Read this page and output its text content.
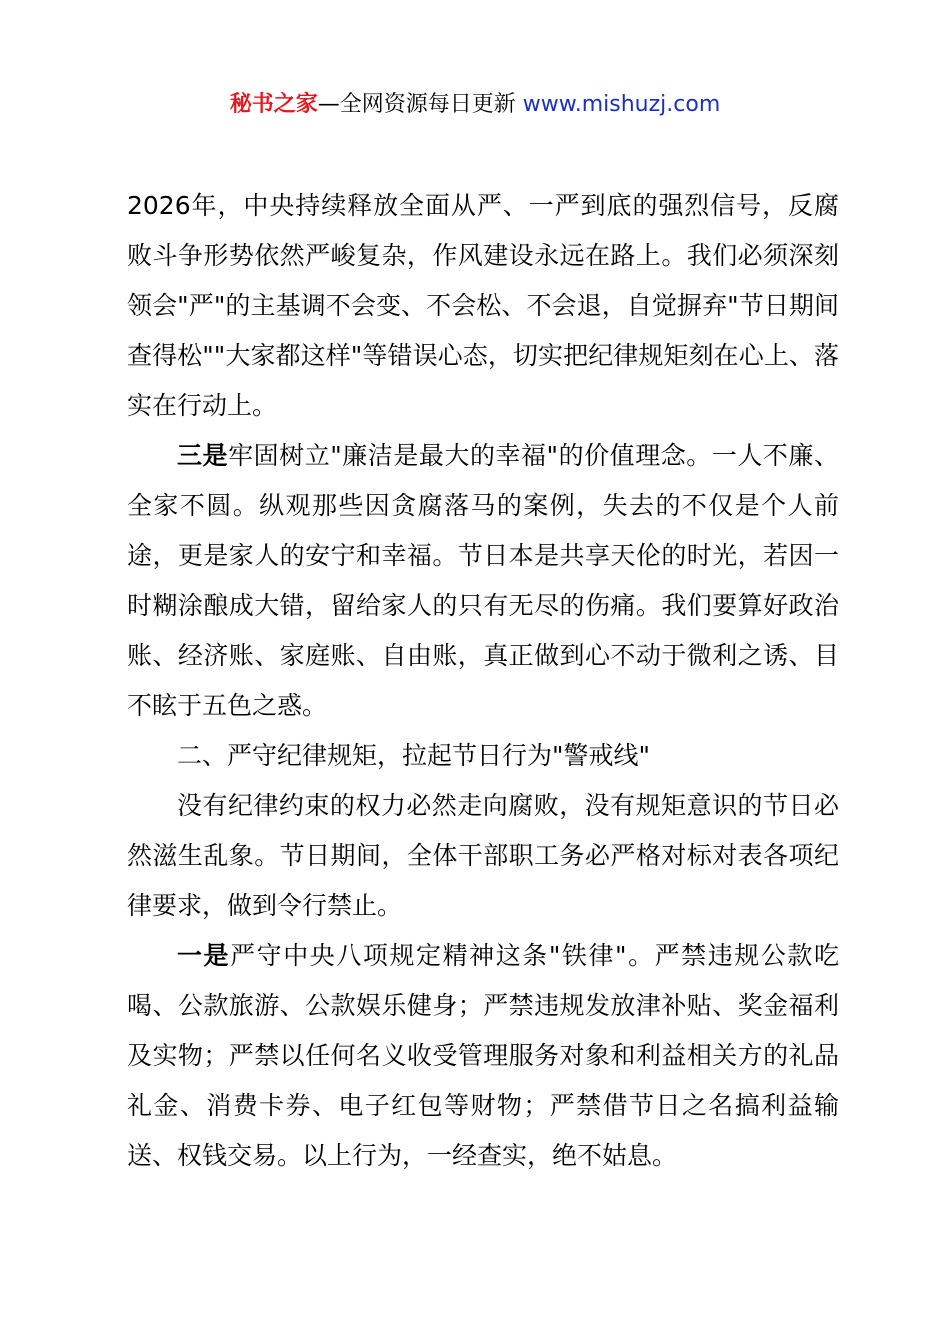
秘书之家—全网资源每日更新 www.mishuzj.com

2026年，中央持续释放全面从严、一严到底的强烈信号，反腐败斗争形势依然严峻复杂，作风建设永远在路上。我们必须深刻领会"严"的主基调不会变、不会松、不会退，自觉摒弃"节日期间查得松""大家都这样"等错误心态，切实把纪律规矩刻在心上、落实在行动上。

三是牢固树立"廉洁是最大的幸福"的价值理念。一人不廉、全家不圆。纵观那些因贪腐落马的案例，失去的不仅是个人前途，更是家人的安宁和幸福。节日本是共享天伦的时光，若因一时糊涂酿成大错，留给家人的只有无尽的伤痛。我们要算好政治账、经济账、家庭账、自由账，真正做到心不动于微利之诱、目不眩于五色之惑。

二、严守纪律规矩，拉起节日行为"警戒线"

没有纪律约束的权力必然走向腐败，没有规矩意识的节日必然滋生乱象。节日期间，全体干部职工务必严格对标对表各项纪律要求，做到令行禁止。

一是严守中央八项规定精神这条"铁律"。严禁违规公款吃喝、公款旅游、公款娱乐健身；严禁违规发放津补贴、奖金福利及实物；严禁以任何名义收受管理服务对象和利益相关方的礼品礼金、消费卡券、电子红包等财物；严禁借节日之名搞利益输送、权钱交易。以上行为，一经查实，绝不姑息。
